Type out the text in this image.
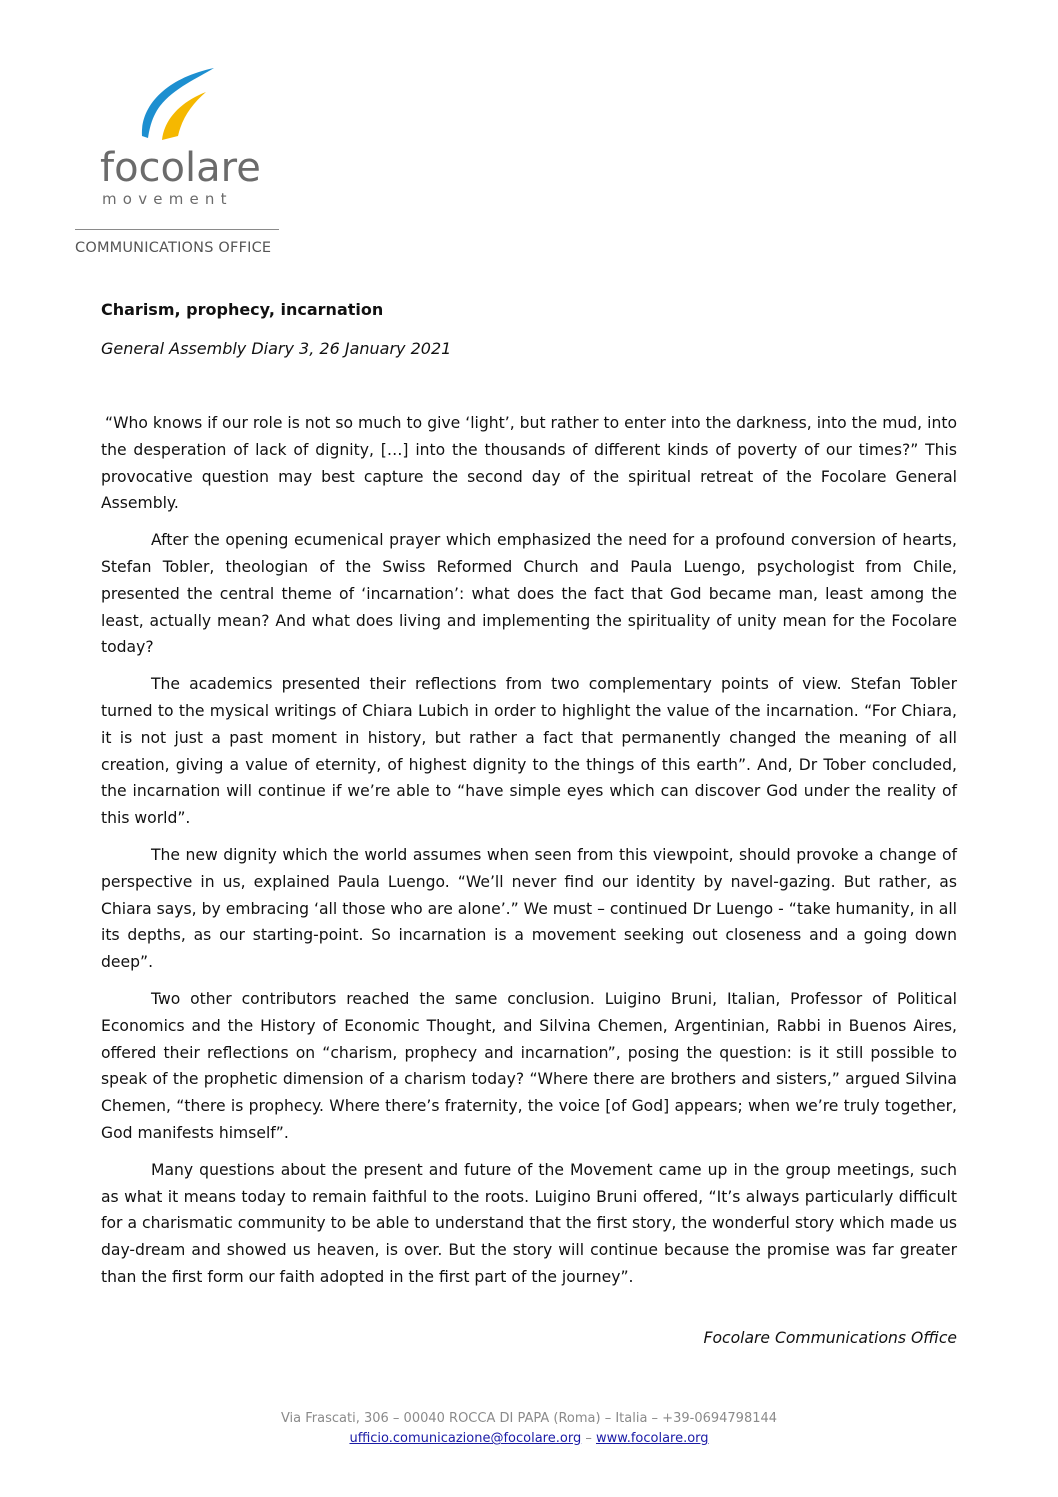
focolare
movement
COMMUNICATIONS OFFICE
Charism, prophecy, incarnation
General Assembly Diary 3, 26 January 2021

“Who knows if our role is not so much to give ‘light’, but rather to enter into the darkness, into the mud, into the desperation of lack of dignity, […] into the thousands of different kinds of poverty of our times?” This provocative question may best capture the second day of the spiritual retreat of the Focolare General Assembly.

After the opening ecumenical prayer which emphasized the need for a profound conversion of hearts, Stefan Tobler, theologian of the Swiss Reformed Church and Paula Luengo, psychologist from Chile, presented the central theme of ‘incarnation’: what does the fact that God became man, least among the least, actually mean? And what does living and implementing the spirituality of unity mean for the Focolare today?

The academics presented their reflections from two complementary points of view. Stefan Tobler turned to the mysical writings of Chiara Lubich in order to highlight the value of the incarnation. “For Chiara, it is not just a past moment in history, but rather a fact that permanently changed the meaning of all creation, giving a value of eternity, of highest dignity to the things of this earth”. And, Dr Tober concluded, the incarnation will continue if we’re able to “have simple eyes which can discover God under the reality of this world”.

The new dignity which the world assumes when seen from this viewpoint, should provoke a change of perspective in us, explained Paula Luengo. “We’ll never find our identity by navel-gazing. But rather, as Chiara says, by embracing ‘all those who are alone’.” We must – continued Dr Luengo - “take humanity, in all its depths, as our starting-point. So incarnation is a movement seeking out closeness and a going down deep”.

Two other contributors reached the same conclusion. Luigino Bruni, Italian, Professor of Political Economics and the History of Economic Thought, and Silvina Chemen, Argentinian, Rabbi in Buenos Aires, offered their reflections on “charism, prophecy and incarnation”, posing the question: is it still possible to speak of the prophetic dimension of a charism today? “Where there are brothers and sisters,” argued Silvina Chemen, “there is prophecy. Where there’s fraternity, the voice [of God] appears; when we’re truly together, God manifests himself”.

Many questions about the present and future of the Movement came up in the group meetings, such as what it means today to remain faithful to the roots. Luigino Bruni offered, “It’s always particularly difficult for a charismatic community to be able to understand that the first story, the wonderful story which made us day-dream and showed us heaven, is over. But the story will continue because the promise was far greater than the first form our faith adopted in the first part of the journey”.

Focolare Communications Office
Via Frascati, 306 – 00040 ROCCA DI PAPA (Roma) – Italia – +39-0694798144
ufficio.comunicazione@focolare.org – www.focolare.org
